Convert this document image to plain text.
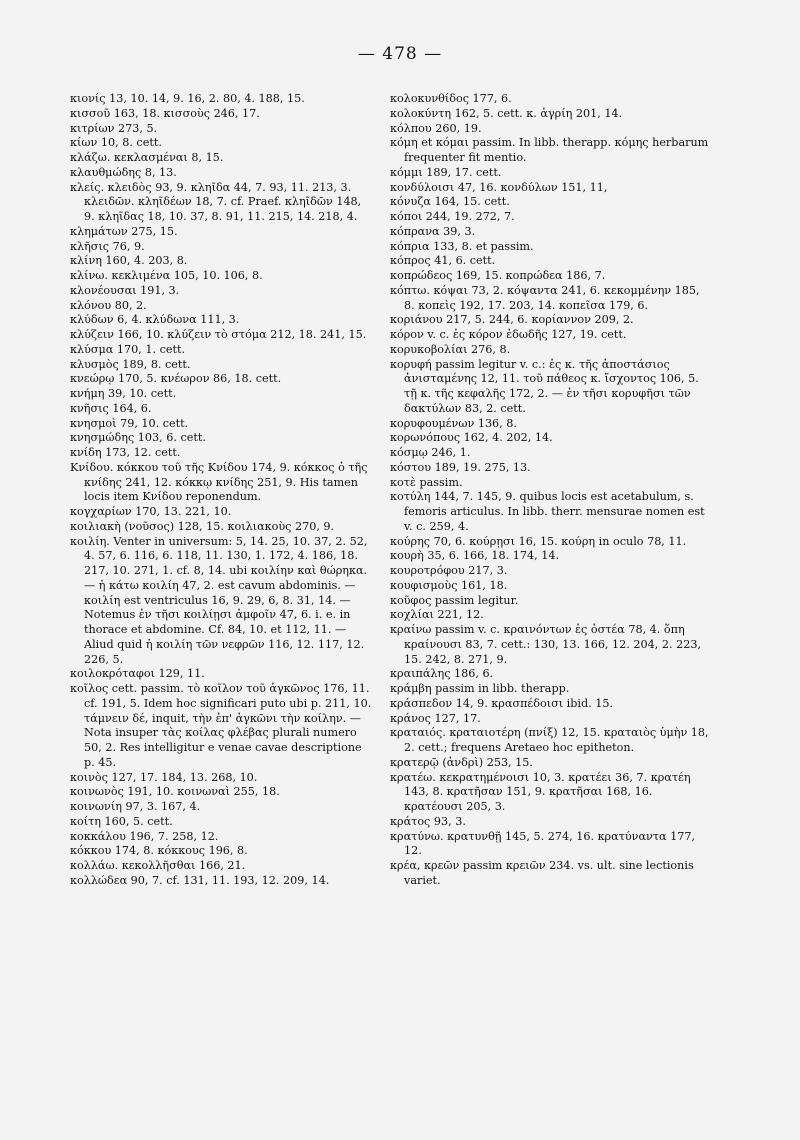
— 478 —

κιονίς 13, 10. 14, 9. 16, 2. 80, 4. 188, 15.

κισσοῦ 163, 18. κισσοὺς 246, 17.

κιτρίων 273, 5.

κίων 10, 8. cett.

κλάζω. κεκλασμέναι 8, 15.

κλαυθμώδης 8, 13.

κλείς. κλειδὸς 93, 9. κληῖδα 44, 7. 93, 11. 213, 3. κλειδῶν. κληῖδέων 18, 7. cf. Praef. κληῖδῶν 148, 9. κληῖδας 18, 10. 37, 8. 91, 11. 215, 14. 218, 4.

κλημάτων 275, 15.

κλῆσις 76, 9.

κλίνη 160, 4. 203, 8.

κλίνω. κεκλιμένα 105, 10. 106, 8.

κλονέουσαι 191, 3.

κλόνου 80, 2.

κλύδων 6, 4. κλύδωνα 111, 3.

κλύζειν 166, 10. κλύζειν τὸ στόμα 212, 18. 241, 15.

κλύσμα 170, 1. cett.

κλυσμὸς 189, 8. cett.

κνεώρῳ 170, 5. κνέωρον 86, 18. cett.

κνήμη 39, 10. cett.

κνῆσις 164, 6.

κνησμοὶ 79, 10. cett.

κνησμώδης 103, 6. cett.

κνίδη 173, 12. cett.

Κνίδου. κόκκου τοῦ τῆς Κνίδου 174, 9. κόκκος ὁ τῆς κνίδης 241, 12. κόκκῳ κνίδης 251, 9. His tamen locis item Κνίδου reponendum.

κογχαρίων 170, 13. 221, 10.

κοιλιακὴ (νοῦσος) 128, 15. κοιλιακοὺς 270, 9.

κοιλίη. Venter in universum: 5, 14. 25, 10. 37, 2. 52, 4. 57, 6. 116, 6. 118, 11. 130, 1. 172, 4. 186, 18. 217, 10. 271, 1. cf. 8, 14. ubi κοιλίην καὶ θώρηκα. — ἡ κάτω κοιλίη 47, 2. est cavum abdominis. — κοιλίη est ventriculus 16, 9. 29, 6, 8. 31, 14. — Notemus ἐν τῆσι κοιλίῃσι ἀμφοῖν 47, 6. i. e. in thorace et abdomine. Cf. 84, 10. et 112, 11. — Aliud quid ἡ κοιλίη τῶν νεφρῶν 116, 12. 117, 12. 226, 5.

κοιλοκρόταφοι 129, 11.

κοῖλος cett. passim. τὸ κοῖλον τοῦ ἀγκῶνος 176, 11. cf. 191, 5. Idem hoc significari puto ubi p. 211, 10. τάμνειν δέ, inquit, τὴν ἐπ' ἀγκῶνι τὴν κοίλην. — Nota insuper τὰς κοίλας φλέβας plurali numero 50, 2. Res intelligitur e venae cavae descriptione p. 45.

κοινὸς 127, 17. 184, 13. 268, 10.

κοινωνὸς 191, 10. κοινωναὶ 255, 18.

κοινωνίη 97, 3. 167, 4.

κοίτη 160, 5. cett.

κοκκάλου 196, 7. 258, 12.

κόκκου 174, 8. κόκκους 196, 8.

κολλάω. κεκολλῆσθαι 166, 21.

κολλώδεα 90, 7. cf. 131, 11. 193, 12. 209, 14.

κολοκυνθίδος 177, 6.

κολοκύντη 162, 5. cett. κ. ἀγρίη 201, 14.

κόλπου 260, 19.

κόμη et κόμαι passim. In libb. therapp. κόμης herbarum frequenter fit mentio.

κόμμι 189, 17. cett.

κονδύλοισι 47, 16. κονδύλων 151, 11,

κόνυζα 164, 15. cett.

κόποι 244, 19. 272, 7.

κόπρανα 39, 3.

κόπρια 133, 8. et passim.

κόπρος 41, 6. cett.

κοπρώδεος 169, 15. κοπρώδεα 186, 7.

κόπτω. κόψαι 73, 2. κόψαντα 241, 6. κεκομμένην 185, 8. κοπεὶς 192, 17. 203, 14. κοπεῖσα 179, 6.

κοριάνου 217, 5. 244, 6. κορίαννον 209, 2.

κόρον v. c. ἐς κόρον ἐδωδῆς 127, 19. cett.

κορυκοβολίαι 276, 8.

κορυφή passim legitur v. c.: ἐς κ. τῆς ἀποστάσιος ἀνισταμένης 12, 11. τοῦ πάθεος κ. ἴσχοντος 106, 5. τῇ κ. τῆς κεφαλῆς 172, 2. — ἐν τῆσι κορυφῆσι τῶν δακτύλων 83, 2. cett.

κορυφουμένων 136, 8.

κορωνόπους 162, 4. 202, 14.

κόσμῳ 246, 1.

κόστου 189, 19. 275, 13.

κοτὲ passim.

κοτύλη 144, 7. 145, 9. quibus locis est acetabulum, s. femoris articulus. In libb. therr. mensurae nomen est v. c. 259, 4.

κούρης 70, 6. κούρῃσι 16, 15. κούρη in oculo 78, 11.

κουρὴ 35, 6. 166, 18. 174, 14.

κουροτρόφου 217, 3.

κουφισμοὺς 161, 18.

κοῦφος passim legitur.

κοχλίαι 221, 12.

κραίνω passim v. c. κραινόντων ἐς ὀστέα 78, 4. ὅπη κραίνουσι 83, 7. cett.: 130, 13. 166, 12. 204, 2. 223, 15. 242, 8. 271, 9.

κραιπάλης 186, 6.

κράμβη passim in libb. therapp.

κράσπεδον 14, 9. κρασπέδοισι ibid. 15.

κράνος 127, 17.

κραταιός. κραταιοτέρη (πνίξ) 12, 15. κραταιὸς ὑμὴν 18, 2. cett.; frequens Aretaeo hoc epitheton.

κρατερῷ (ἀνδρὶ) 253, 15.

κρατέω. κεκρατημένοισι 10, 3. κρατέει 36, 7. κρατέη 143, 8. κρατῆσαν 151, 9. κρατῆσαι 168, 16. κρατέουσι 205, 3.

κράτος 93, 3.

κρατύνω. κρατυνθῇ 145, 5. 274, 16. κρατύναντα 177, 12.

κρέα, κρεῶν passim κρειῶν 234. vs. ult. sine lectionis variet.
